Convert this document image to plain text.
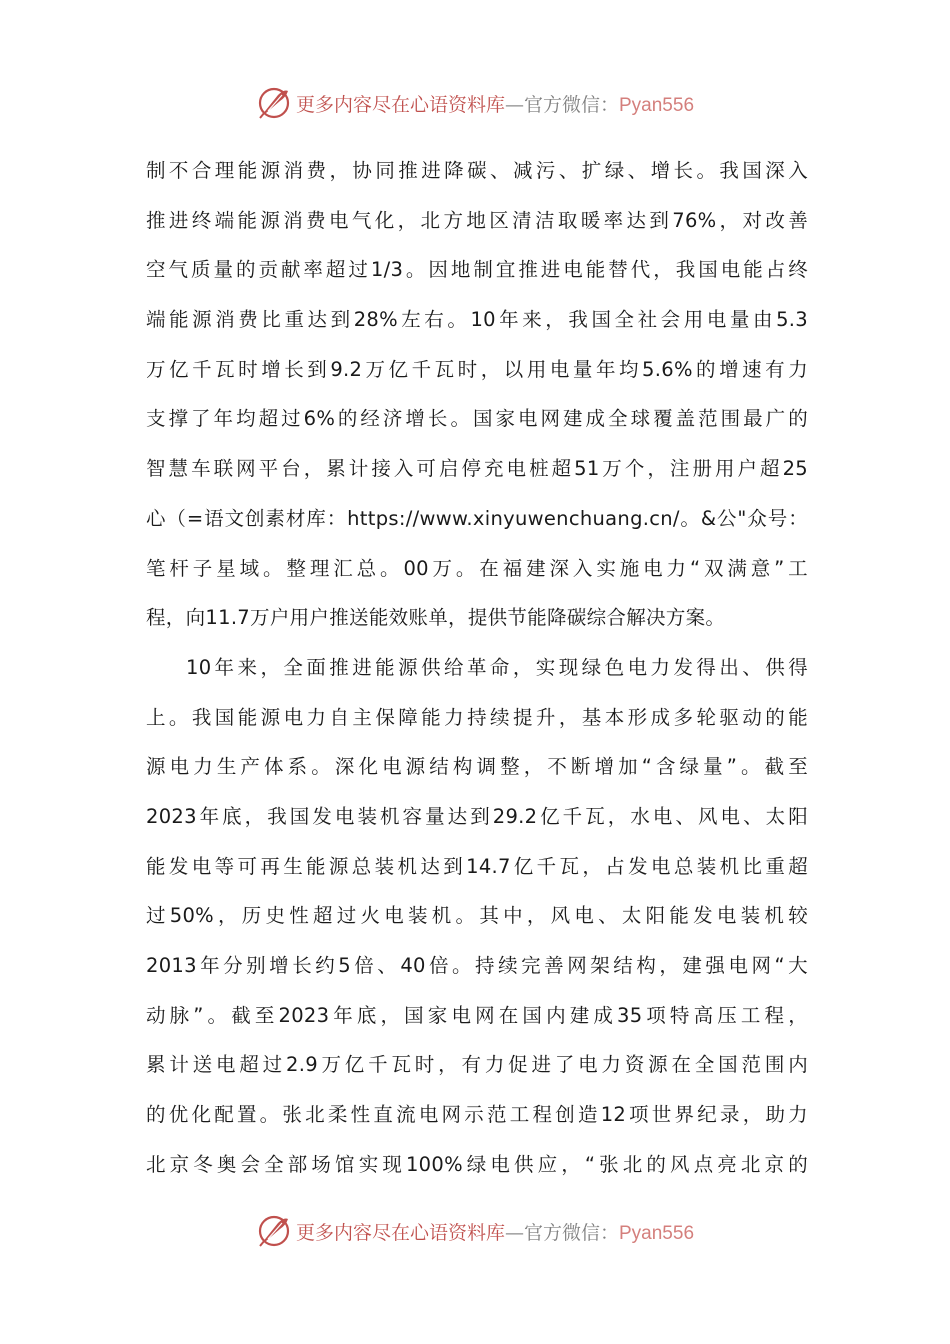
更多内容尽在心语资料库—官方微信：Pyan556
制不合理能源消费，协同推进降碳、减污、扩绿、增长。我国深入
推进终端能源消费电气化，北方地区清洁取暖率达到76%，对改善
空气质量的贡献率超过1/3。因地制宜推进电能替代，我国电能占终
端能源消费比重达到28%左右。10年来，我国全社会用电量由5.3
万亿千瓦时增长到9.2万亿千瓦时，以用电量年均5.6%的增速有力
支撑了年均超过6%的经济增长。国家电网建成全球覆盖范围最广的
智慧车联网平台，累计接入可启停充电桩超51万个，注册用户超25
心（=语文创素材库：https://www.xinyuwenchuang.cn/。&公"众号：
笔杆子星域。整理汇总。00万。在福建深入实施电力“双满意”工
程，向11.7万户用户推送能效账单，提供节能降碳综合解决方案。
10年来，全面推进能源供给革命，实现绿色电力发得出、供得
上。我国能源电力自主保障能力持续提升，基本形成多轮驱动的能
源电力生产体系。深化电源结构调整，不断增加“含绿量”。截至
2023年底，我国发电装机容量达到29.2亿千瓦，水电、风电、太阳
能发电等可再生能源总装机达到14.7亿千瓦，占发电总装机比重超
过50%，历史性超过火电装机。其中，风电、太阳能发电装机较
2013年分别增长约5倍、40倍。持续完善网架结构，建强电网“大
动脉”。截至2023年底，国家电网在国内建成35项特高压工程，
累计送电超过2.9万亿千瓦时，有力促进了电力资源在全国范围内
的优化配置。张北柔性直流电网示范工程创造12项世界纪录，助力
北京冬奥会全部场馆实现100%绿电供应，“张北的风点亮北京的
更多内容尽在心语资料库—官方微信：Pyan556
